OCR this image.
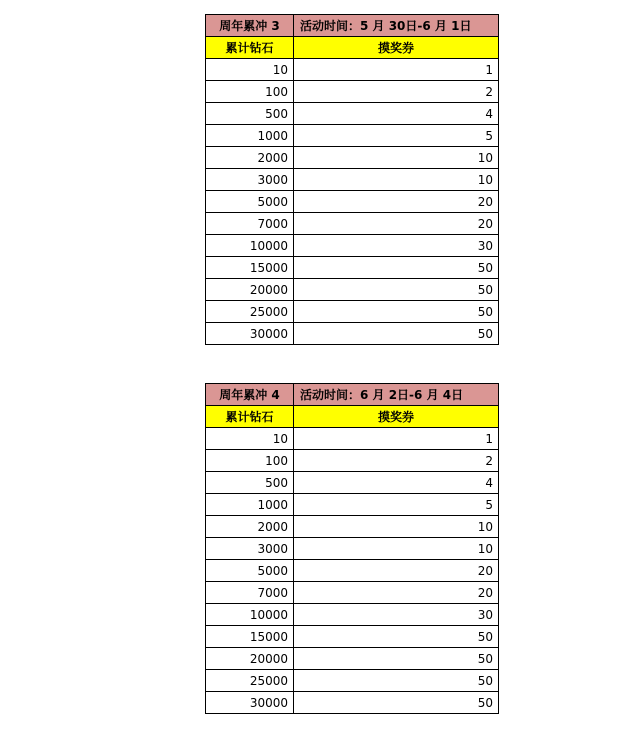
周年累冲 3	活动时间：5 月 30日-6 月 1日
累计钻石	摸奖券
10	1
100	2
500	4
1000	5
2000	10
3000	10
5000	20
7000	20
10000	30
15000	50
20000	50
25000	50
30000	50
周年累冲 4	活动时间：6 月 2日-6 月 4日
累计钻石	摸奖券
10	1
100	2
500	4
1000	5
2000	10
3000	10
5000	20
7000	20
10000	30
15000	50
20000	50
25000	50
30000	50
